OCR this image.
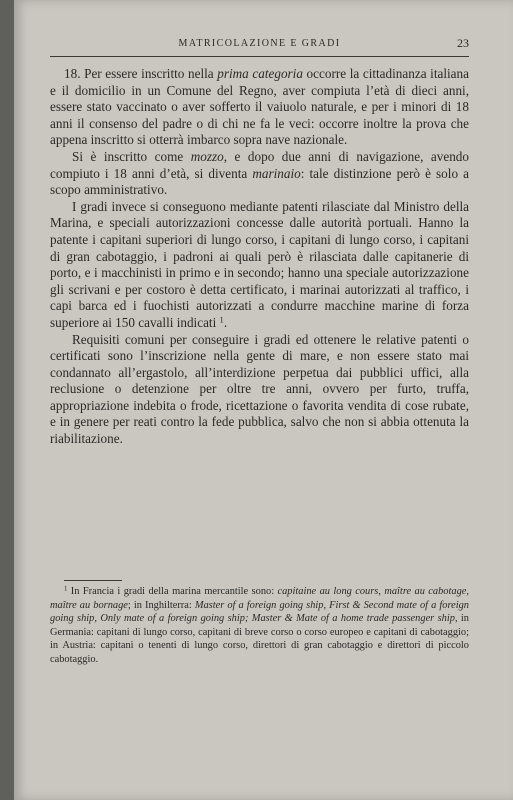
MATRICOLAZIONE E GRADI	23

18. Per essere inscritto nella prima categoria occorre la cittadinanza italiana e il domicilio in un Comune del Regno, aver compiuta l’età di dieci anni, essere stato vaccinato o aver sofferto il vaiuolo naturale, e per i minori di 18 anni il consenso del padre o di chi ne fa le veci: occorre inoltre la prova che appena inscritto si otterrà imbarco sopra nave nazionale.

Si è inscritto come mozzo, e dopo due anni di navigazione, avendo compiuto i 18 anni d’età, si diventa marinaio: tale distinzione però è solo a scopo amministrativo.

I gradi invece si conseguono mediante patenti rilasciate dal Ministro della Marina, e speciali autorizzazioni concesse dalle autorità portuali. Hanno la patente i capitani superiori di lungo corso, i capitani di lungo corso, i capitani di gran cabotaggio, i padroni ai quali però è rilasciata dalle capitanerie di porto, e i macchinisti in primo e in secondo; hanno una speciale autorizzazione gli scrivani e per costoro è detta certificato, i marinai autorizzati al traffico, i capi barca ed i fuochisti autorizzati a condurre macchine marine di forza superiore ai 150 cavalli indicati $^1$.

Requisiti comuni per conseguire i gradi ed ottenere le relative patenti o certificati sono l’inscrizione nella gente di mare, e non essere stato mai condannato all’ergastolo, all’interdizione perpetua dai pubblici uffici, alla reclusione o detenzione per oltre tre anni, ovvero per furto, truffa, appropriazione indebita o frode, ricettazione o favorita vendita di cose rubate, e in genere per reati contro la fede pubblica, salvo che non si abbia ottenuta la riabilitazione.

$^1$ In Francia i gradi della marina mercantile sono: capitaine au long cours, maître au cabotage, maître au bornage; in Inghilterra: Master of a foreign going ship, First & Second mate of a foreign going ship, Only mate of a foreign going ship; Master & Mate of a home trade passenger ship, in Germania: capitani di lungo corso, capitani di breve corso o corso europeo e capitani di cabotaggio; in Austria: capitani o tenenti di lungo corso, direttori di gran cabotaggio e direttori di piccolo cabotaggio.
